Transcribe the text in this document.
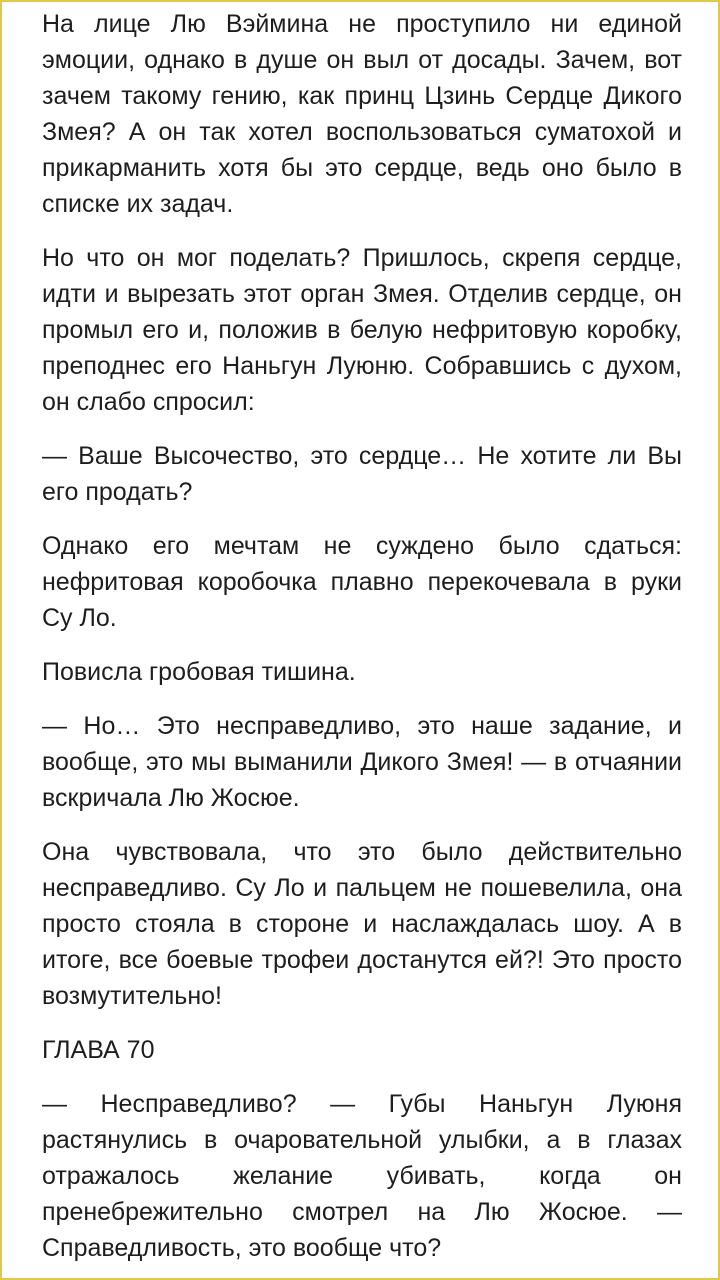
На лице Лю Вэймина не проступило ни единой эмоции, однако в душе он выл от досады. Зачем, вот зачем такому гению, как принц Цзинь Сердце Дикого Змея? А он так хотел воспользоваться суматохой и прикарманить хотя бы это сердце, ведь оно было в списке их задач.

Но что он мог поделать? Пришлось, скрепя сердце, идти и вырезать этот орган Змея. Отделив сердце, он промыл его и, положив в белую нефритовую коробку, преподнес его Наньгун Луюню. Собравшись с духом, он слабо спросил:

— Ваше Высочество, это сердце… Не хотите ли Вы его продать?

Однако его мечтам не суждено было сдаться: нефритовая коробочка плавно перекочевала в руки Су Ло.

Повисла гробовая тишина.

— Но… Это несправедливо, это наше задание, и вообще, это мы выманили Дикого Змея! — в отчаянии вскричала Лю Жосюе.

Она чувствовала, что это было действительно несправедливо. Су Ло и пальцем не пошевелила, она просто стояла в стороне и наслаждалась шоу. А в итоге, все боевые трофеи достанутся ей?! Это просто возмутительно!

ГЛАВА 70

— Несправедливо? — Губы Наньгун Луюня растянулись в очаровательной улыбки, а в глазах отражалось желание убивать, когда он пренебрежительно смотрел на Лю Жосюе. — Справедливость, это вообще что?
